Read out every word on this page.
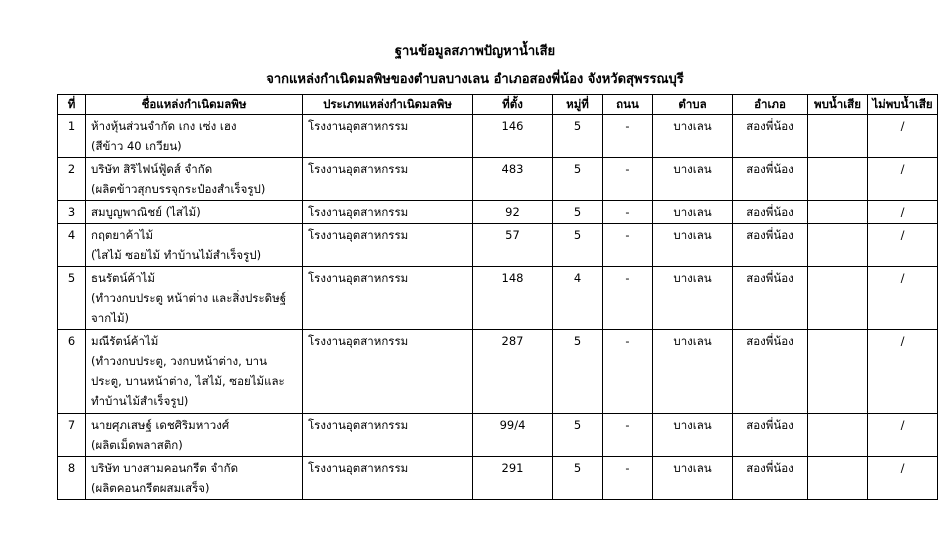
ฐานข้อมูลสภาพปัญหาน้ำเสีย
จากแหล่งกำเนิดมลพิษของตำบลบางเลน อำเภอสองพี่น้อง จังหวัดสุพรรณบุรี
ที่	ชื่อแหล่งกำเนิดมลพิษ	ประเภทแหล่งกำเนิดมลพิษ	ที่ตั้ง	หมู่ที่	ถนน	ตำบล	อำเภอ	พบน้ำเสีย	ไม่พบน้ำเสีย
1	ห้างหุ้นส่วนจำกัด เกง เซ่ง เฮง
(สีข้าว 40 เกวียน)	โรงงานอุตสาหกรรม	146	5	-	บางเลน	สองพี่น้อง		/
2	บริษัท สิริไฟน์ฟู้ดส์ จำกัด
(ผลิตข้าวสุกบรรจุกระป๋องสำเร็จรูป)	โรงงานอุตสาหกรรม	483	5	-	บางเลน	สองพี่น้อง		/
3	สมบูญพาณิชย์ (ไสไม้)	โรงงานอุตสาหกรรม	92	5	-	บางเลน	สองพี่น้อง		/
4	กฤตยาค้าไม้
(ไสไม้ ซอยไม้ ทำบ้านไม้สำเร็จรูป)	โรงงานอุตสาหกรรม	57	5	-	บางเลน	สองพี่น้อง		/
5	ธนรัตน์ค้าไม้
(ทำวงกบประตู หน้าต่าง และสิ่งประดิษฐ์จากไม้)	โรงงานอุตสาหกรรม	148	4	-	บางเลน	สองพี่น้อง		/
6	มณีรัตน์ค้าไม้
(ทำวงกบประตู, วงกบหน้าต่าง, บานประตู, บานหน้าต่าง, ไสไม้, ซอยไม้และทำบ้านไม้สำเร็จรูป)	โรงงานอุตสาหกรรม	287	5	-	บางเลน	สองพี่น้อง		/
7	นายศุภเสษฐ์ เดชศิริมหาวงศ์
(ผลิตเม็ดพลาสติก)	โรงงานอุตสาหกรรม	99/4	5	-	บางเลน	สองพี่น้อง		/
8	บริษัท บางสามคอนกรีต จำกัด
(ผลิตคอนกรีตผสมเสร็จ)	โรงงานอุตสาหกรรม	291	5	-	บางเลน	สองพี่น้อง		/
